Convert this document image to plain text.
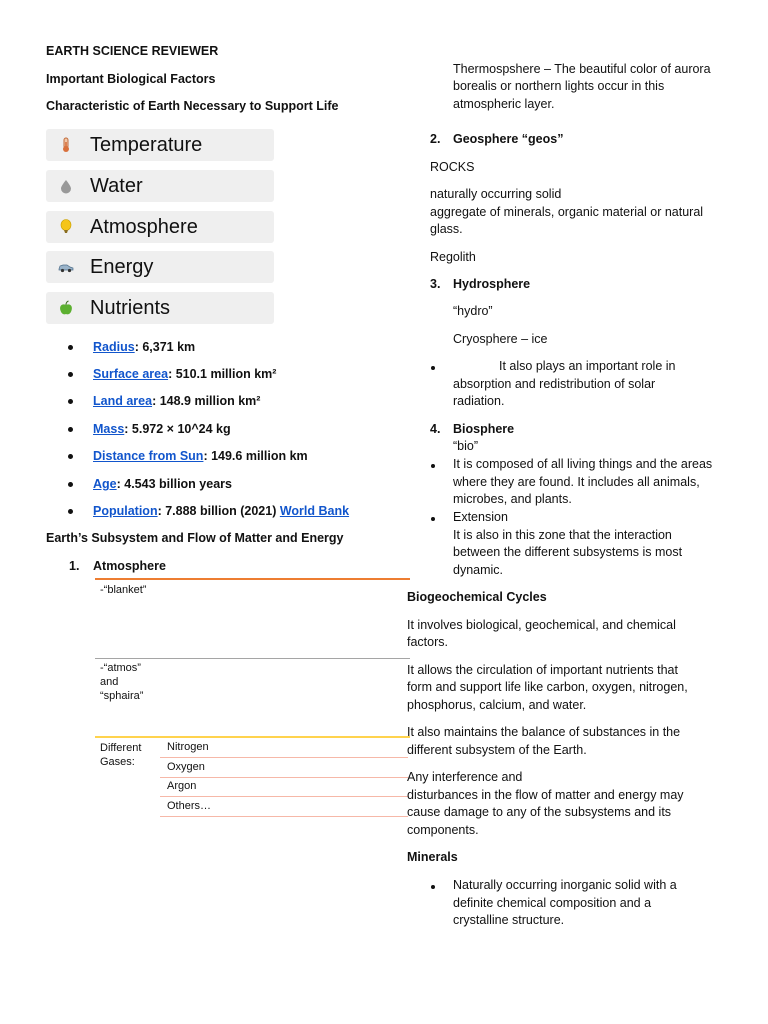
EARTH SCIENCE REVIEWER
Important Biological Factors
Characteristic of Earth Necessary to Support Life
Temperature
Water
Atmosphere
Energy
Nutrients
Radius: 6,371 km
Surface area: 510.1 million km²
Land area: 148.9 million km²
Mass: 5.972 × 10^24 kg
Distance from Sun: 149.6 million km
Age: 4.543 billion years
Population: 7.888 billion (2021) World Bank
Earth’s Subsystem and Flow of Matter and Energy
1. Atmosphere
-“blanket”
-“atmos”
and
“sphaira”
Different
Gases:
Nitrogen
Oxygen
Argon
Others…
Thermospshere – The beautiful color of aurora
borealis or northern lights occur in this
atmospheric layer.
2. Geosphere “geos”
ROCKS
naturally occurring solid
aggregate of minerals, organic material or natural
glass.
Regolith
3. Hydrosphere
“hydro”
Cryosphere – ice
It also plays an important role in
absorption and redistribution of solar
radiation.
4. Biosphere
“bio”
It is composed of all living things and the areas
where they are found. It includes all animals,
microbes, and plants.
Extension
It is also in this zone that the interaction
between the different subsystems is most
dynamic.
Biogeochemical Cycles
It involves biological, geochemical, and chemical
factors.
It allows the circulation of important nutrients that
form and support life like carbon, oxygen, nitrogen,
phosphorus, calcium, and water.
It also maintains the balance of substances in the
different subsystem of the Earth.
Any interference and
disturbances in the flow of matter and energy may
cause damage to any of the subsystems and its
components.
Minerals
Naturally occurring inorganic solid with a
definite chemical composition and a
crystalline structure.
